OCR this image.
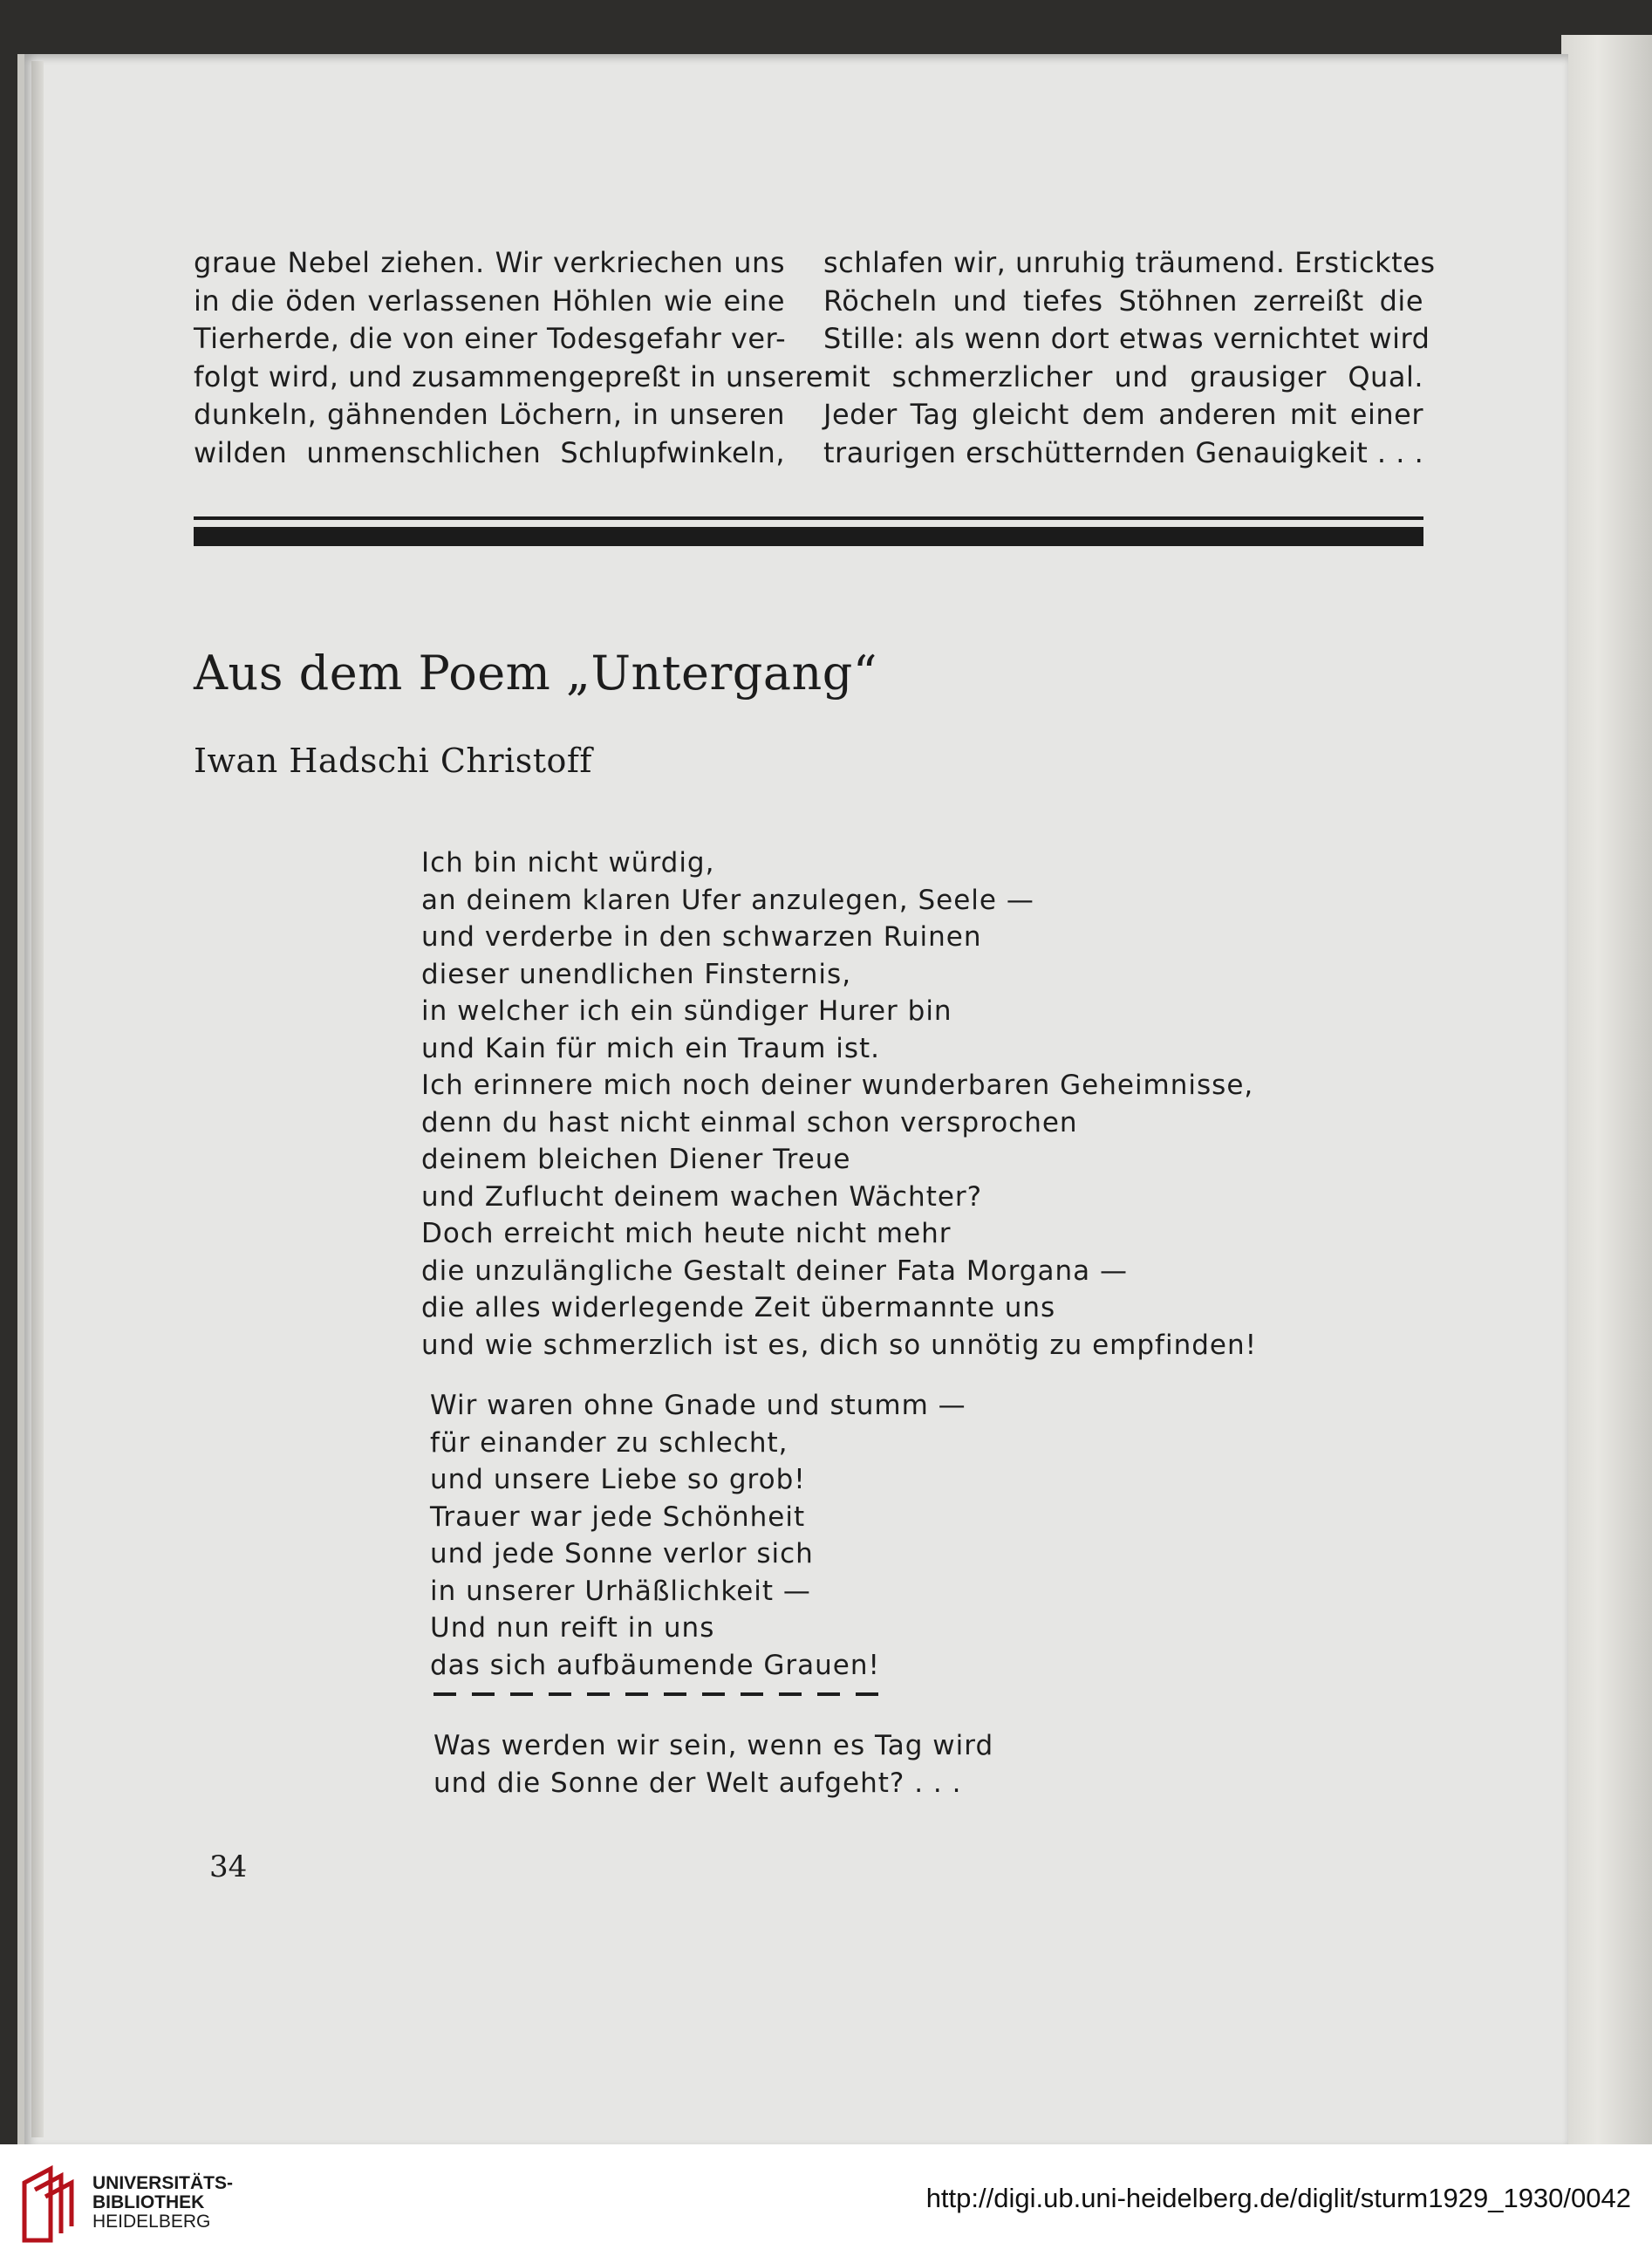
graue Nebel ziehen. Wir verkriechen uns
in die öden verlassenen Höhlen wie eine
Tierherde, die von einer Todesgefahr ver-
folgt wird, und zusammengepreßt in unseren
dunkeln, gähnenden Löchern, in unseren
wilden unmenschlichen Schlupfwinkeln,
schlafen wir, unruhig träumend. Ersticktes
Röcheln und tiefes Stöhnen zerreißt die
Stille: als wenn dort etwas vernichtet wird
mit schmerzlicher und grausiger Qual.
Jeder Tag gleicht dem anderen mit einer
traurigen erschütternden Genauigkeit . . .
Aus dem Poem „Untergang“
Iwan Hadschi Christoff
Ich bin nicht würdig,
an deinem klaren Ufer anzulegen, Seele —
und verderbe in den schwarzen Ruinen
dieser unendlichen Finsternis,
in welcher ich ein sündiger Hurer bin
und Kain für mich ein Traum ist.
Ich erinnere mich noch deiner wunderbaren Geheimnisse,
denn du hast nicht einmal schon versprochen
deinem bleichen Diener Treue
und Zuflucht deinem wachen Wächter?
Doch erreicht mich heute nicht mehr
die unzulängliche Gestalt deiner Fata Morgana —
die alles widerlegende Zeit übermannte uns
und wie schmerzlich ist es, dich so unnötig zu empfinden!
Wir waren ohne Gnade und stumm —
für einander zu schlecht,
und unsere Liebe so grob!
Trauer war jede Schönheit
und jede Sonne verlor sich
in unserer Urhäßlichkeit —
Und nun reift in uns
das sich aufbäumende Grauen!
Was werden wir sein, wenn es Tag wird
und die Sonne der Welt aufgeht? . . .
34
UNIVERSITÄTS-
BIBLIOTHEK
HEIDELBERG
http://digi.ub.uni-heidelberg.de/diglit/sturm1929_1930/0042
